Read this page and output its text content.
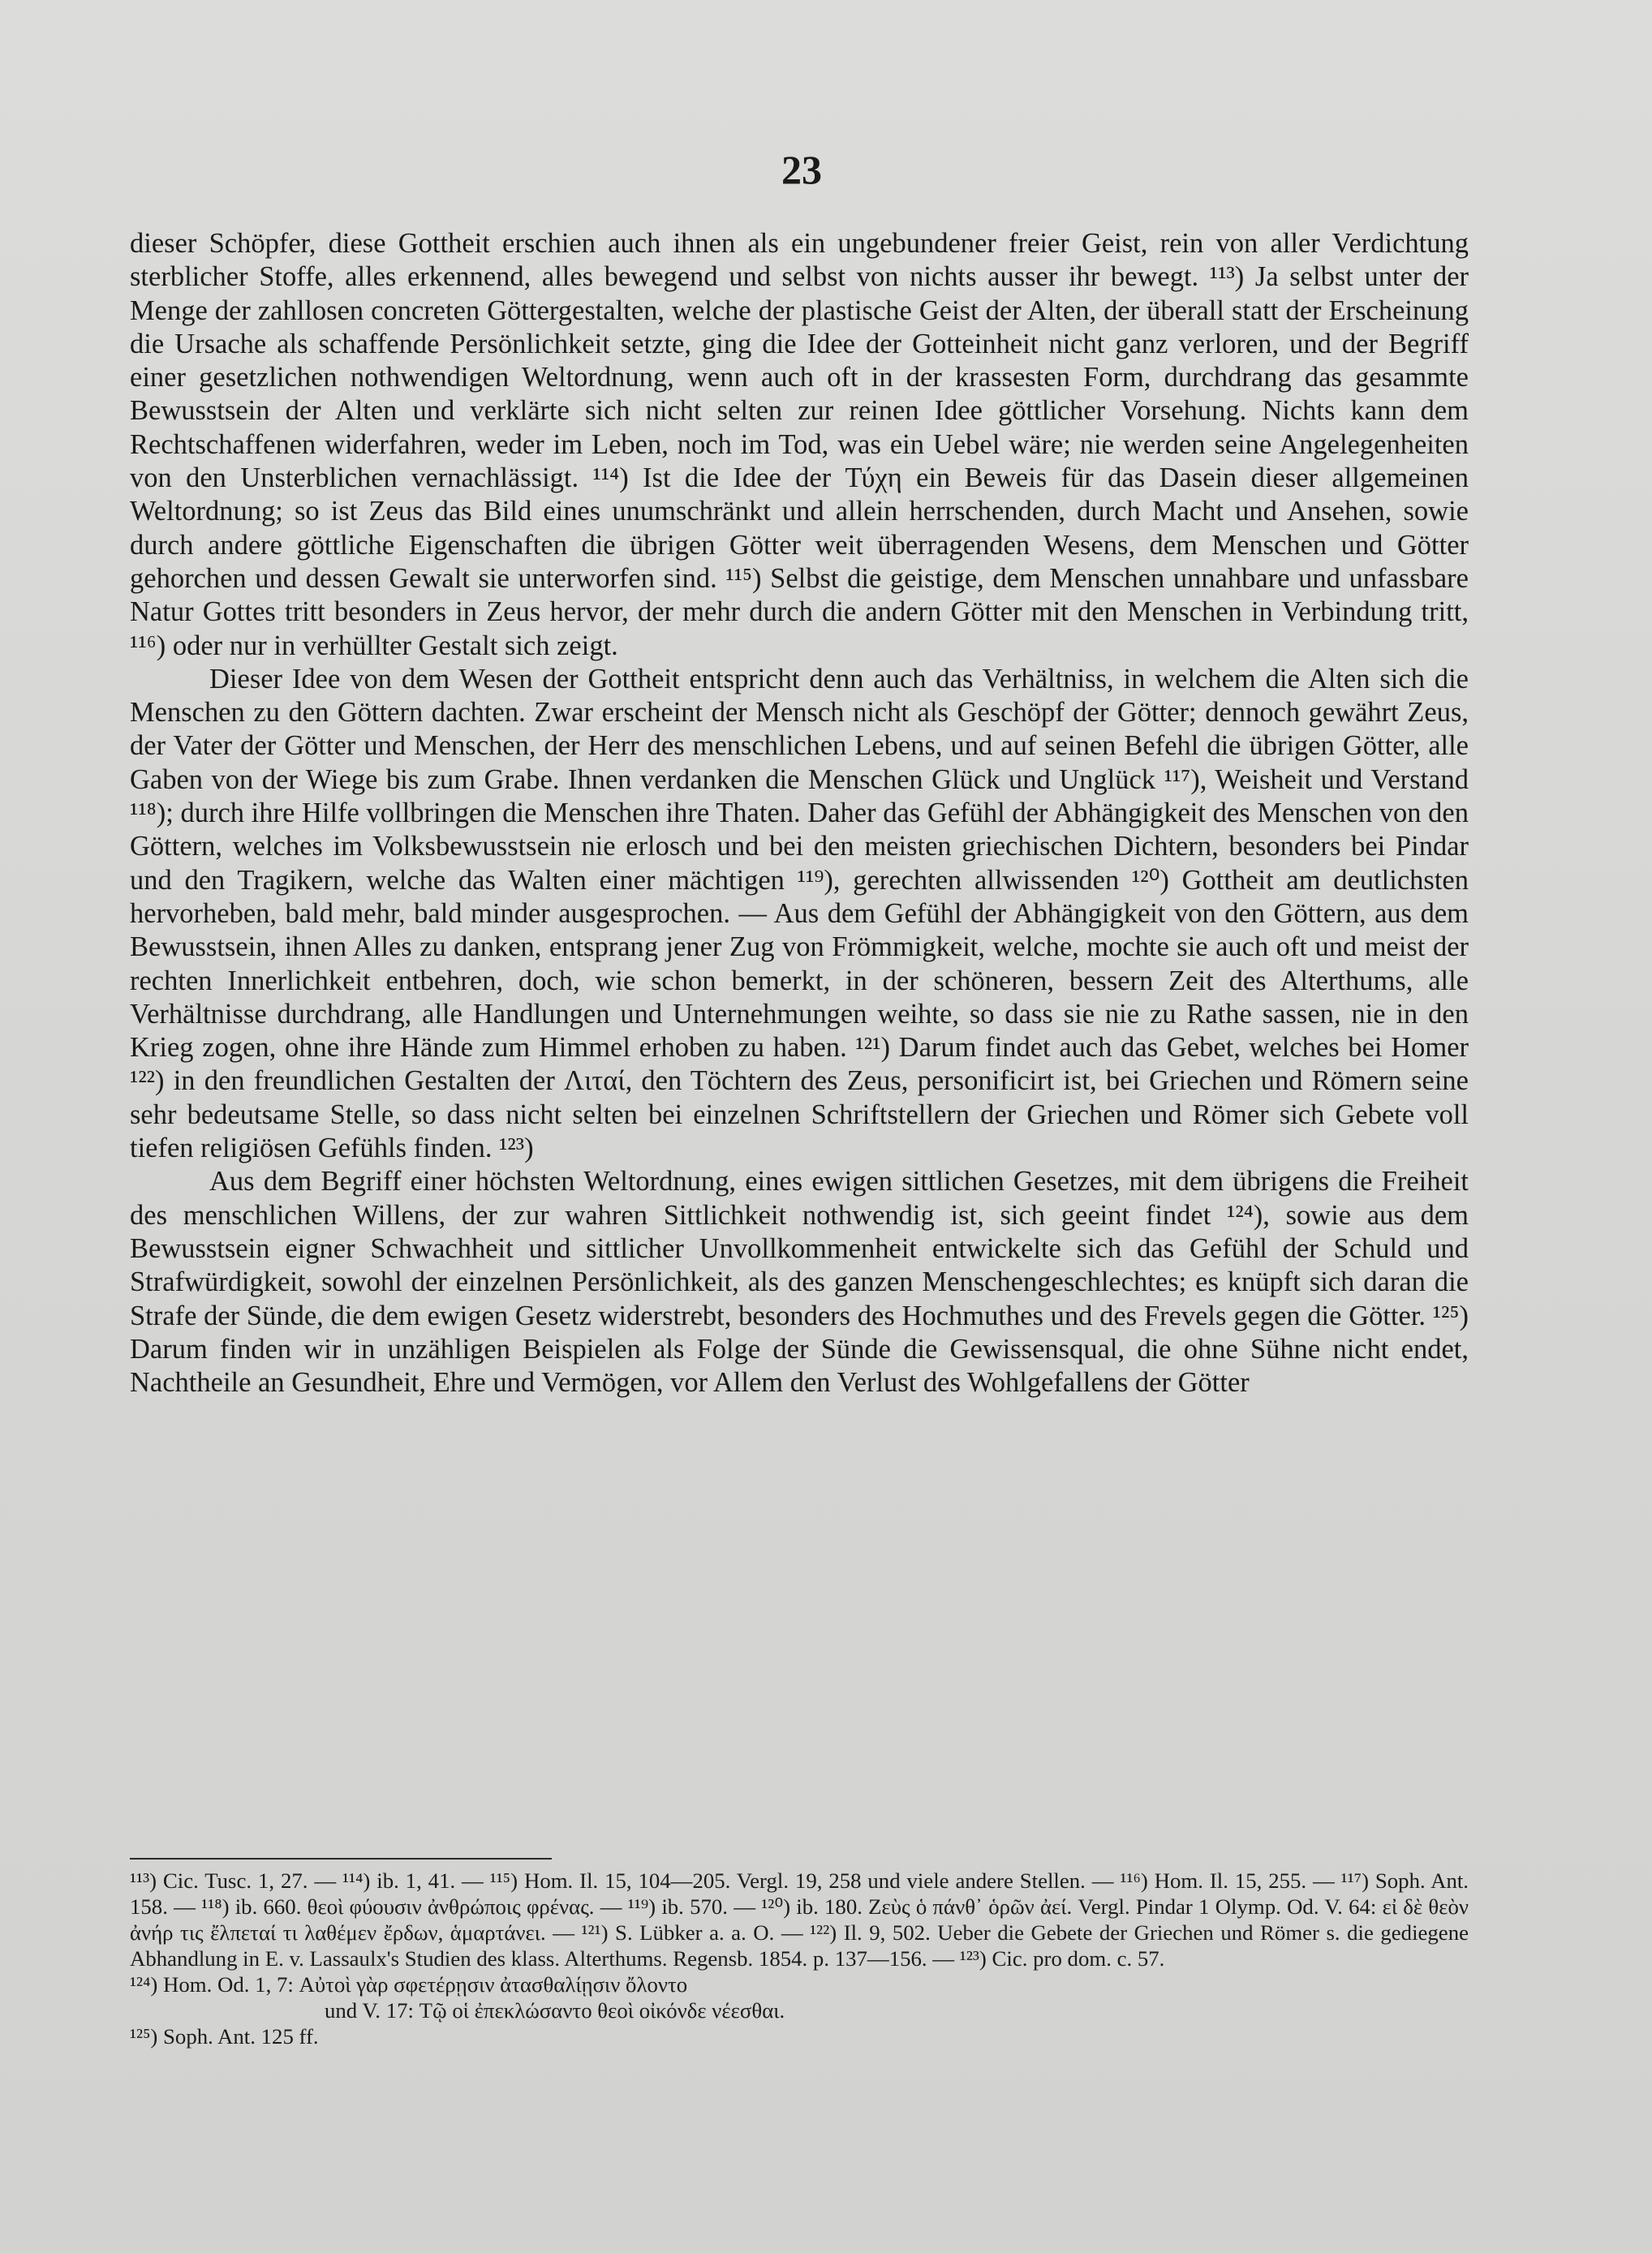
23

dieser Schöpfer, diese Gottheit erschien auch ihnen als ein ungebundener freier Geist, rein von aller Verdichtung sterblicher Stoffe, alles erkennend, alles bewegend und selbst von nichts ausser ihr bewegt. ¹¹³) Ja selbst unter der Menge der zahllosen concreten Göttergestalten, welche der plastische Geist der Alten, der überall statt der Erscheinung die Ursache als schaffende Persönlichkeit setzte, ging die Idee der Gotteinheit nicht ganz verloren, und der Begriff einer gesetzlichen nothwendigen Weltordnung, wenn auch oft in der krassesten Form, durchdrang das gesammte Bewusstsein der Alten und verklärte sich nicht selten zur reinen Idee göttlicher Vorsehung. Nichts kann dem Rechtschaffenen widerfahren, weder im Leben, noch im Tod, was ein Uebel wäre; nie werden seine Angelegenheiten von den Unsterblichen vernachlässigt. ¹¹⁴) Ist die Idee der Τύχη ein Beweis für das Dasein dieser allgemeinen Weltordnung; so ist Zeus das Bild eines unumschränkt und allein herrschenden, durch Macht und Ansehen, sowie durch andere göttliche Eigenschaften die übrigen Götter weit überragenden Wesens, dem Menschen und Götter gehorchen und dessen Gewalt sie unterworfen sind. ¹¹⁵) Selbst die geistige, dem Menschen unnahbare und unfassbare Natur Gottes tritt besonders in Zeus hervor, der mehr durch die andern Götter mit den Menschen in Verbindung tritt, ¹¹⁶) oder nur in verhüllter Gestalt sich zeigt.

Dieser Idee von dem Wesen der Gottheit entspricht denn auch das Verhältniss, in welchem die Alten sich die Menschen zu den Göttern dachten. Zwar erscheint der Mensch nicht als Geschöpf der Götter; dennoch gewährt Zeus, der Vater der Götter und Menschen, der Herr des menschlichen Lebens, und auf seinen Befehl die übrigen Götter, alle Gaben von der Wiege bis zum Grabe. Ihnen verdanken die Menschen Glück und Unglück ¹¹⁷), Weisheit und Verstand ¹¹⁸); durch ihre Hilfe vollbringen die Menschen ihre Thaten. Daher das Gefühl der Abhängigkeit des Menschen von den Göttern, welches im Volksbewusstsein nie erlosch und bei den meisten griechischen Dichtern, besonders bei Pindar und den Tragikern, welche das Walten einer mächtigen ¹¹⁹), gerechten allwissenden ¹²⁰) Gottheit am deutlichsten hervorheben, bald mehr, bald minder ausgesprochen. — Aus dem Gefühl der Abhängigkeit von den Göttern, aus dem Bewusstsein, ihnen Alles zu danken, entsprang jener Zug von Frömmigkeit, welche, mochte sie auch oft und meist der rechten Innerlichkeit entbehren, doch, wie schon bemerkt, in der schöneren, bessern Zeit des Alterthums, alle Verhältnisse durchdrang, alle Handlungen und Unternehmungen weihte, so dass sie nie zu Rathe sassen, nie in den Krieg zogen, ohne ihre Hände zum Himmel erhoben zu haben. ¹²¹) Darum findet auch das Gebet, welches bei Homer ¹²²) in den freundlichen Gestalten der Λιταί, den Töchtern des Zeus, personificirt ist, bei Griechen und Römern seine sehr bedeutsame Stelle, so dass nicht selten bei einzelnen Schriftstellern der Griechen und Römer sich Gebete voll tiefen religiösen Gefühls finden. ¹²³)

Aus dem Begriff einer höchsten Weltordnung, eines ewigen sittlichen Gesetzes, mit dem übrigens die Freiheit des menschlichen Willens, der zur wahren Sittlichkeit nothwendig ist, sich geeint findet ¹²⁴), sowie aus dem Bewusstsein eigner Schwachheit und sittlicher Unvollkommenheit entwickelte sich das Gefühl der Schuld und Strafwürdigkeit, sowohl der einzelnen Persönlichkeit, als des ganzen Menschengeschlechtes; es knüpft sich daran die Strafe der Sünde, die dem ewigen Gesetz widerstrebt, besonders des Hochmuthes und des Frevels gegen die Götter. ¹²⁵) Darum finden wir in unzähligen Beispielen als Folge der Sünde die Gewissensqual, die ohne Sühne nicht endet, Nachtheile an Gesundheit, Ehre und Vermögen, vor Allem den Verlust des Wohlgefallens der Götter

¹¹³) Cic. Tusc. 1, 27. — ¹¹⁴) ib. 1, 41. — ¹¹⁵) Hom. Il. 15, 104—205. Vergl. 19, 258 und viele andere Stellen. — ¹¹⁶) Hom. Il. 15, 255. — ¹¹⁷) Soph. Ant. 158. — ¹¹⁸) ib. 660. θεοὶ φύουσιν ἀνθρώποις φρένας. — ¹¹⁹) ib. 570. — ¹²⁰) ib. 180. Ζεὺς ὁ πάνθ᾽ ὁρῶν ἀεί. Vergl. Pindar 1 Olymp. Od. V. 64: εἰ δὲ θεὸν ἀνήρ τις ἔλπεταί τι λαθέμεν ἔρδων, ἁμαρτάνει. — ¹²¹) S. Lübker a. a. O. — ¹²²) Il. 9, 502. Ueber die Gebete der Griechen und Römer s. die gediegene Abhandlung in E. v. Lassaulx's Studien des klass. Alterthums. Regensb. 1854. p. 137—156. — ¹²³) Cic. pro dom. c. 57.

¹²⁴) Hom. Od. 1, 7: Αὐτοὶ γὰρ σφετέρῃσιν ἀτασθαλίῃσιν ὄλοντο

und V. 17: Τῷ οἱ ἐπεκλώσαντο θεοὶ οἰκόνδε νέεσθαι.

¹²⁵) Soph. Ant. 125 ff.
